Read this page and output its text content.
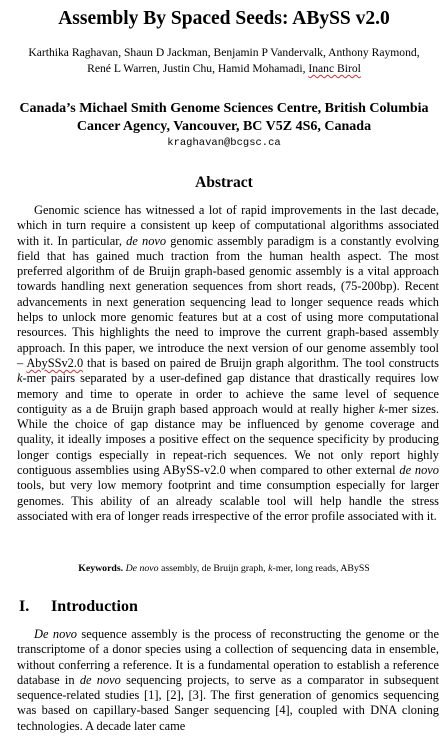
Assembly By Spaced Seeds: ABySS v2.0
Karthika Raghavan, Shaun D Jackman, Benjamin P Vandervalk, Anthony Raymond,
René L Warren, Justin Chu, Hamid Mohamadi, Inanc Birol
Canada’s Michael Smith Genome Sciences Centre, British Columbia Cancer Agency, Vancouver, BC V5Z 4S6, Canada
kraghavan@bcgsc.ca
Abstract

Genomic science has witnessed a lot of rapid improvements in the last decade, which in turn require a consistent up keep of computational algorithms associated with it. In particular, de novo genomic assembly paradigm is a constantly evolving field that has gained much traction from the human health aspect. The most preferred algorithm of de Bruijn graph-based genomic assembly is a vital approach towards handling next generation sequences from short reads, (75-200bp). Recent advancements in next generation sequencing lead to longer sequence reads which helps to unlock more genomic features but at a cost of using more computational resources. This highlights the need to improve the current graph-based assembly approach. In this paper, we introduce the next version of our genome assembly tool – AbySSv2.0 that is based on paired de Bruijn graph algorithm. The tool constructs k-mer pairs separated by a user-defined gap distance that drastically requires low memory and time to operate in order to achieve the same level of sequence contiguity as a de Bruijn graph based approach would at really higher k-mer sizes. While the choice of gap distance may be influenced by genome coverage and quality, it ideally imposes a positive effect on the sequence specificity by producing longer contigs especially in repeat-rich sequences. We not only report highly contiguous assemblies using ABySS-v2.0 when compared to other external de novo tools, but very low memory footprint and time consumption especially for larger genomes. This ability of an already scalable tool will help handle the stress associated with era of longer reads irrespective of the error profile associated with it.

Keywords. De novo assembly, de Bruijn graph, k-mer, long reads, ABySS
I. Introduction

De novo sequence assembly is the process of reconstructing the genome or the transcriptome of a donor species using a collection of sequencing data in ensemble, without conferring a reference. It is a fundamental operation to establish a reference database in de novo sequencing projects, to serve as a comparator in subsequent sequence-related studies [1], [2], [3]. The first generation of genomics sequencing was based on capillary-based Sanger sequencing [4], coupled with DNA cloning technologies. A decade later came
